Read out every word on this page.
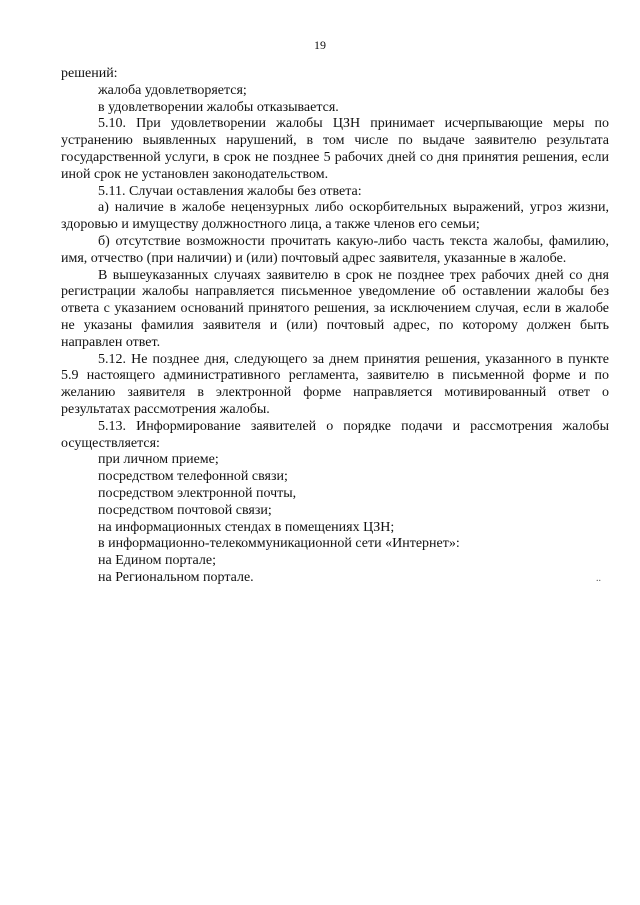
19

решений:

жалоба удовлетворяется;

в удовлетворении жалобы отказывается.

5.10. При удовлетворении жалобы ЦЗН принимает исчерпывающие меры по устранению выявленных нарушений, в том числе по выдаче заявителю результата государственной услуги, в срок не позднее 5 рабочих дней со дня принятия решения, если иной срок не установлен законодательством.

5.11. Случаи оставления жалобы без ответа:

а) наличие в жалобе нецензурных либо оскорбительных выражений, угроз жизни, здоровью и имуществу должностного лица, а также членов его семьи;

б) отсутствие возможности прочитать какую-либо часть текста жалобы, фамилию, имя, отчество (при наличии) и (или) почтовый адрес заявителя, указанные в жалобе.

В вышеуказанных случаях заявителю в срок не позднее трех рабочих дней со дня регистрации жалобы направляется письменное уведомление об оставлении жалобы без ответа с указанием оснований принятого решения, за исключением случая, если в жалобе не указаны фамилия заявителя и (или) почтовый адрес, по которому должен быть направлен ответ.

5.12. Не позднее дня, следующего за днем принятия решения, указанного в пункте 5.9 настоящего административного регламента, заявителю в письменной форме и по желанию заявителя в электронной форме направляется мотивированный ответ о результатах рассмотрения жалобы.

5.13. Информирование заявителей о порядке подачи и рассмотрения жалобы осуществляется:

при личном приеме;

посредством телефонной связи;

посредством электронной почты,

посредством почтовой связи;

на информационных стендах в помещениях ЦЗН;

в информационно-телекоммуникационной сети «Интернет»:

на Едином портале;

на Региональном портале.	..
